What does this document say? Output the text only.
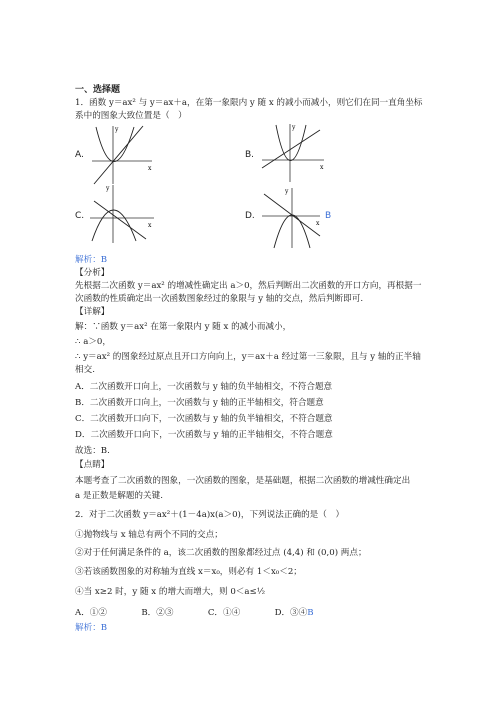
一、选择题
1．函数 y＝ax² 与 y＝ax＋a，在第一象限内 y 随 x 的减小而减小，则它们在同一直角坐标
系中的图象大致位置是（　）
A.
x
y
B.
x
y
C.
x
y
D.
x
y
B
解析：B
【分析】
先根据二次函数 y＝ax² 的增减性确定出 a＞0，然后判断出二次函数的开口方向，再根据一
次函数的性质确定出一次函数图象经过的象限与 y 轴的交点，然后判断即可.
【详解】
解：∵函数 y＝ax² 在第一象限内 y 随 x 的减小而减小，
∴ a＞0，
∴ y＝ax² 的图象经过原点且开口方向向上，y＝ax＋a 经过第一三象限，且与 y 轴的正半轴
相交.
A．二次函数开口向上，一次函数与 y 轴的负半轴相交，不符合题意
B．二次函数开口向上，一次函数与 y 轴的正半轴相交，符合题意
C．二次函数开口向下，一次函数与 y 轴的负半轴相交，不符合题意
D．二次函数开口向下，一次函数与 y 轴的正半轴相交，不符合题意
故选：B.
【点睛】
本题考查了二次函数的图象，一次函数的图象，是基础题，根据二次函数的增减性确定出
a 是正数是解题的关键.
2．对于二次函数 y＝ax²＋(1－4a)x(a＞0)，下列说法正确的是（　）
①抛物线与 x 轴总有两个不同的交点；
②对于任何满足条件的 a，该二次函数的图象都经过点 (4,4) 和 (0,0) 两点；
③若该函数图象的对称轴为直线 x＝x₀，则必有 1＜x₀＜2；
④当 x≥2 时，y 随 x 的增大而增大，则 0＜a≤½
A．①②　　　　B．②③　　　　C．①④　　　　D．③④B
解析：B
